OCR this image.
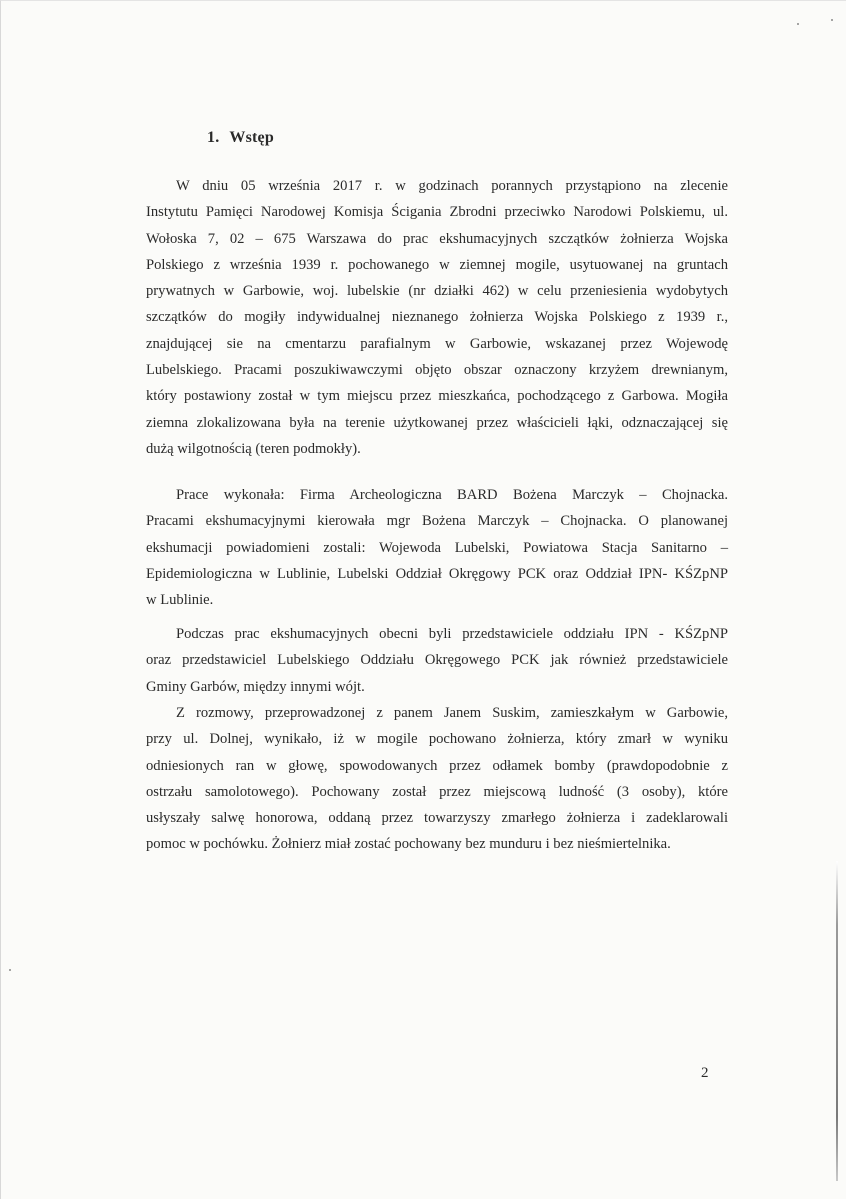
1. Wstęp

W dniu 05 września 2017 r. w godzinach porannych przystąpiono na zlecenie
Instytutu Pamięci Narodowej Komisja Ścigania Zbrodni przeciwko Narodowi Polskiemu, ul.
Wołoska 7, 02 – 675 Warszawa do prac ekshumacyjnych szczątków żołnierza Wojska
Polskiego z września 1939 r. pochowanego w ziemnej mogile, usytuowanej na gruntach
prywatnych w Garbowie, woj. lubelskie (nr działki 462) w celu przeniesienia wydobytych
szczątków do mogiły indywidualnej nieznanego żołnierza Wojska Polskiego z 1939 r.,
znajdującej sie na cmentarzu parafialnym w Garbowie, wskazanej przez Wojewodę
Lubelskiego. Pracami poszukiwawczymi objęto obszar oznaczony krzyżem drewnianym,
który postawiony został w tym miejscu przez mieszkańca, pochodzącego z Garbowa. Mogiła
ziemna zlokalizowana była na terenie użytkowanej przez właścicieli łąki, odznaczającej się
dużą wilgotnością (teren podmokły).

Prace wykonała: Firma Archeologiczna BARD Bożena Marczyk – Chojnacka.
Pracami ekshumacyjnymi kierowała mgr Bożena Marczyk – Chojnacka. O planowanej
ekshumacji powiadomieni zostali: Wojewoda Lubelski, Powiatowa Stacja Sanitarno –
Epidemiologiczna w Lublinie, Lubelski Oddział Okręgowy PCK oraz Oddział IPN- KŚZpNP
w Lublinie.

Podczas prac ekshumacyjnych obecni byli przedstawiciele oddziału IPN - KŚZpNP
oraz przedstawiciel Lubelskiego Oddziału Okręgowego PCK jak również przedstawiciele
Gminy Garbów, między innymi wójt.

Z rozmowy, przeprowadzonej z panem Janem Suskim, zamieszkałym w Garbowie,
przy ul. Dolnej, wynikało, iż w mogile pochowano żołnierza, który zmarł w wyniku
odniesionych ran w głowę, spowodowanych przez odłamek bomby (prawdopodobnie z
ostrzału samolotowego). Pochowany został przez miejscową ludność (3 osoby), które
usłyszały salwę honorowa, oddaną przez towarzyszy zmarłego żołnierza i zadeklarowali
pomoc w pochówku. Żołnierz miał zostać pochowany bez munduru i bez nieśmiertelnika.

2
